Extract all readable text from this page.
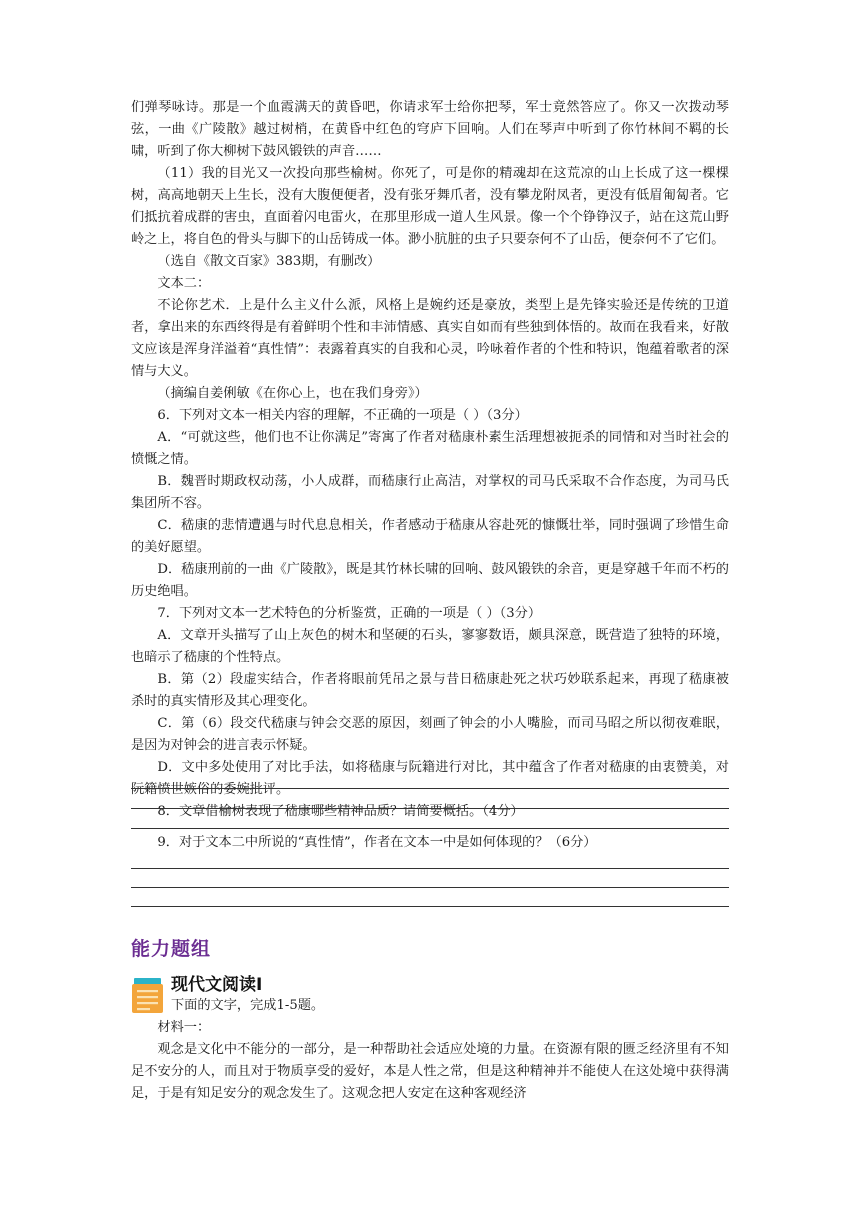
们弹琴咏诗。那是一个血霞满天的黄昏吧，你请求军士给你把琴，军士竟然答应了。你又一次拨动琴弦，一曲《广陵散》越过树梢，在黄昏中红色的穹庐下回响。人们在琴声中听到了你竹林间不羁的长啸，听到了你大柳树下鼓风锻铁的声音……

（11）我的目光又一次投向那些榆树。你死了，可是你的精魂却在这荒凉的山上长成了这一棵棵树，高高地朝天上生长，没有大腹便便者，没有张牙舞爪者，没有攀龙附凤者，更没有低眉匍匐者。它们抵抗着成群的害虫，直面着闪电雷火，在那里形成一道人生风景。像一个个铮铮汉子，站在这荒山野岭之上，将自色的骨头与脚下的山岳铸成一体。渺小肮脏的虫子只要奈何不了山岳，便奈何不了它们。

（选自《散文百家》383期，有删改）

文本二：

不论你艺术．上是什么主义什么派，风格上是婉约还是豪放，类型上是先锋实验还是传统的卫道者，拿出来的东西终得是有着鲜明个性和丰沛情感、真实自如而有些独到体悟的。故而在我看来，好散文应该是浑身洋溢着“真性情”：表露着真实的自我和心灵，吟咏着作者的个性和特识，饱蕴着歌者的深情与大义。

（摘编自姜俐敏《在你心上，也在我们身旁》）

6．下列对文本一相关内容的理解，不正确的一项是（ ）（3分）

A．“可就这些，他们也不让你满足”寄寓了作者对嵇康朴素生活理想被扼杀的同情和对当时社会的愤慨之情。

B．魏晋时期政权动荡，小人成群，而嵇康行止高洁，对掌权的司马氏采取不合作态度，为司马氏集团所不容。

C．嵇康的悲情遭遇与时代息息相关，作者感动于嵇康从容赴死的慷慨壮举，同时强调了珍惜生命的美好愿望。

D．嵇康刑前的一曲《广陵散》，既是其竹林长啸的回响、鼓风锻铁的余音，更是穿越千年而不朽的历史绝唱。

7．下列对文本一艺术特色的分析鉴赏，正确的一项是（ ）（3分）

A．文章开头描写了山上灰色的树木和坚硬的石头，寥寥数语，颇具深意，既营造了独特的环境，也暗示了嵇康的个性特点。

B．第（2）段虚实结合，作者将眼前凭吊之景与昔日嵇康赴死之状巧妙联系起来，再现了嵇康被杀时的真实情形及其心理变化。

C．第（6）段交代嵇康与钟会交恶的原因，刻画了钟会的小人嘴脸，而司马昭之所以彻夜难眠，是因为对钟会的进言表示怀疑。

D．文中多处使用了对比手法，如将嵇康与阮籍进行对比，其中蕴含了作者对嵇康的由衷赞美，对阮籍愤世嫉俗的委婉批评。

8．文章借榆树表现了嵇康哪些精神品质？请简要概括。（4分）

9．对于文本二中所说的“真性情”，作者在文本一中是如何体现的？（6分）

能力题组
现代文阅读Ⅰ

下面的文字，完成1-5题。

材料一：

观念是文化中不能分的一部分，是一种帮助社会适应处境的力量。在资源有限的匮乏经济里有不知足不安分的人，而且对于物质享受的爱好，本是人性之常，但是这种精神并不能使人在这处境中获得满足，于是有知足安分的观念发生了。这观念把人安定在这种客观经济
